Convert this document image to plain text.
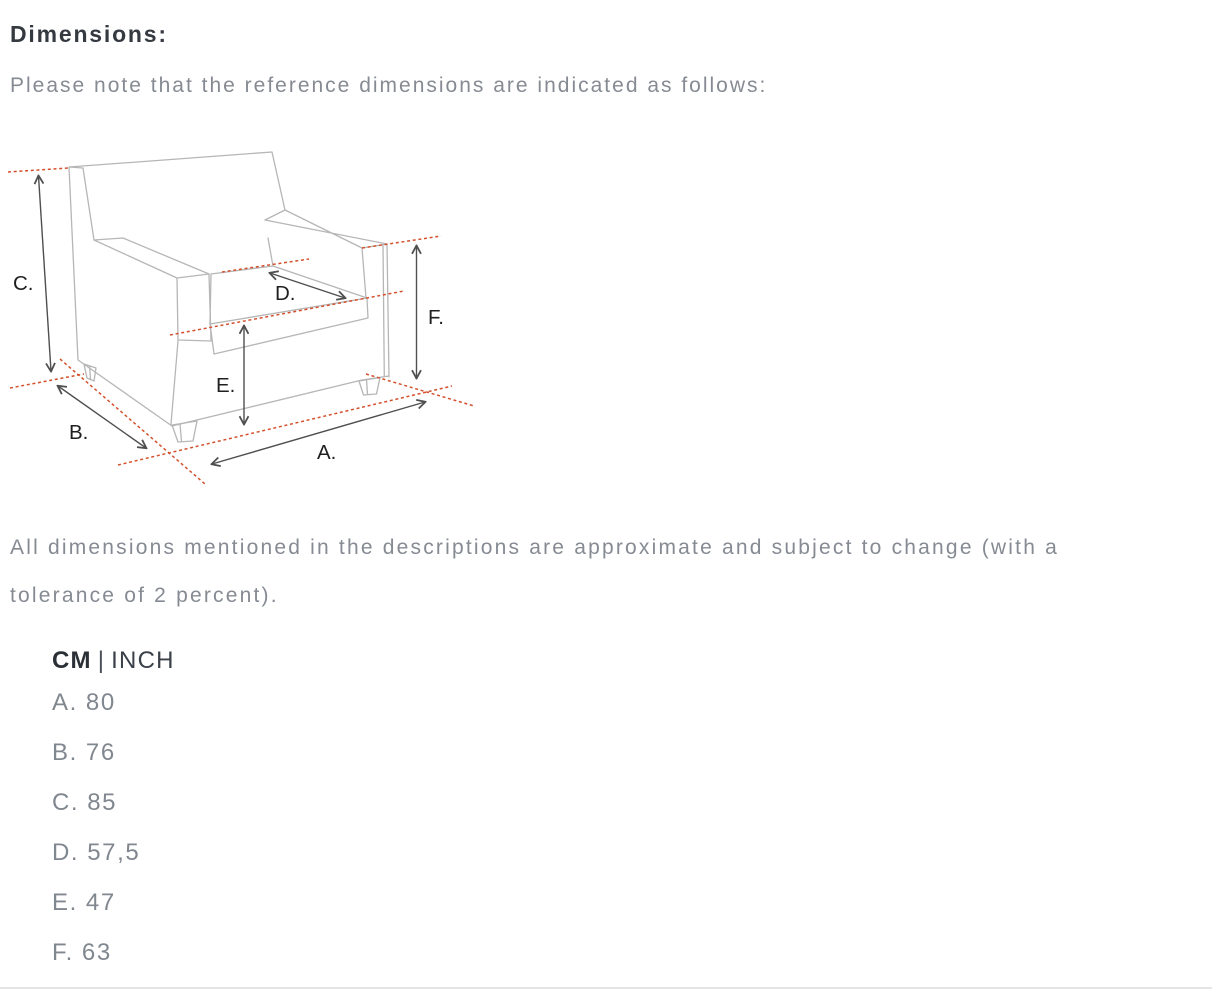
Dimensions:
Please note that the reference dimensions are indicated as follows:
C.	D.
F.
E.
B.
A.
All dimensions mentioned in the descriptions are approximate and subject to change (with a
tolerance of 2 percent).
CM | INCH
A. 80
B. 76
C. 85
D. 57,5
E. 47
F. 63
